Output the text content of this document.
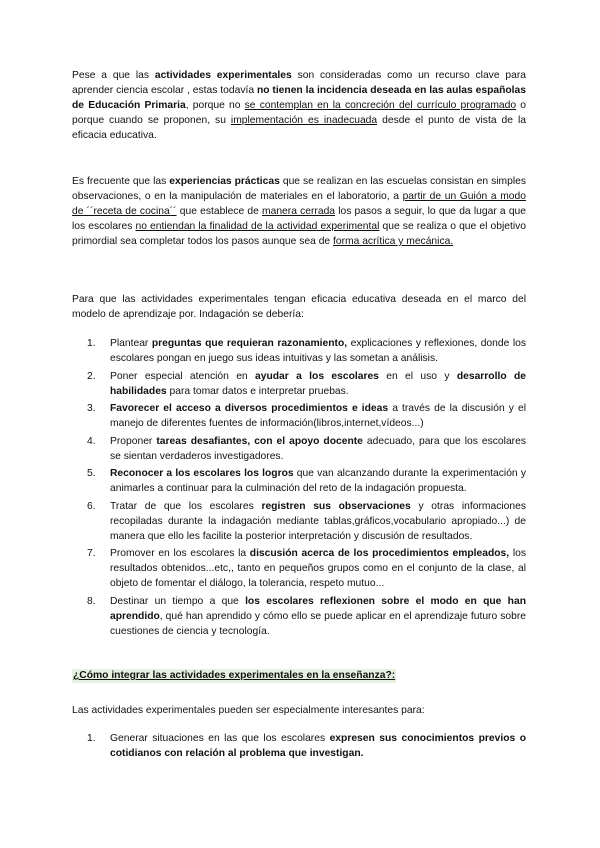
Pese a que las actividades experimentales son consideradas como un recurso clave para aprender ciencia escolar , estas todavía no tienen la incidencia deseada en las aulas españolas de Educación Primaria, porque no se contemplan en la concreción del currículo programado o porque cuando se proponen, su implementación es inadecuada desde el punto de vista de la eficacia educativa.

Es frecuente que las experiencias prácticas que se realizan en las escuelas consistan en simples observaciones, o en la manipulación de materiales en el laboratorio, a partir de un Guión a modo de ´´receta de cocina´´ que establece de manera cerrada los pasos a seguir, lo que da lugar a que los escolares no entiendan la finalidad de la actividad experimental que se realiza o que el objetivo primordial sea completar todos los pasos aunque sea de forma acrítica y mecánica.

Para que las actividades experimentales tengan eficacia educativa deseada en el marco del modelo de aprendizaje por. Indagación se debería:

1. Plantear preguntas que requieran razonamiento, explicaciones y reflexiones, donde los escolares pongan en juego sus ideas intuitivas y las sometan a análisis.
2. Poner especial atención en ayudar a los escolares en el uso y desarrollo de habilidades para tomar datos e interpretar pruebas.
3. Favorecer el acceso a diversos procedimientos e ideas a través de la discusión y el manejo de diferentes fuentes de información(libros,internet,vídeos...)
4. Proponer tareas desafiantes, con el apoyo docente adecuado, para que los escolares se sientan verdaderos investigadores.
5. Reconocer a los escolares los logros que van alcanzando durante la experimentación y animarles a continuar para la culminación del reto de la indagación propuesta.
6. Tratar de que los escolares registren sus observaciones y otras informaciones recopiladas durante la indagación mediante tablas,gráficos,vocabulario apropiado...) de manera que ello les facilite la posterior interpretación y discusión de resultados.
7. Promover en los escolares la discusión acerca de los procedimientos empleados, los resultados obtenidos...etc,, tanto en pequeños grupos como en el conjunto de la clase, al objeto de fomentar el diálogo, la tolerancia, respeto mutuo...
8. Destinar un tiempo a que los escolares reflexionen sobre el modo en que han aprendido, qué han aprendido y cómo ello se puede aplicar en el aprendizaje futuro sobre cuestiones de ciencia y tecnología.

¿Cómo integrar las actividades experimentales en la enseñanza?:

Las actividades experimentales pueden ser especialmente interesantes para:

1. Generar situaciones en las que los escolares expresen sus conocimientos previos o cotidianos con relación al problema que investigan.
